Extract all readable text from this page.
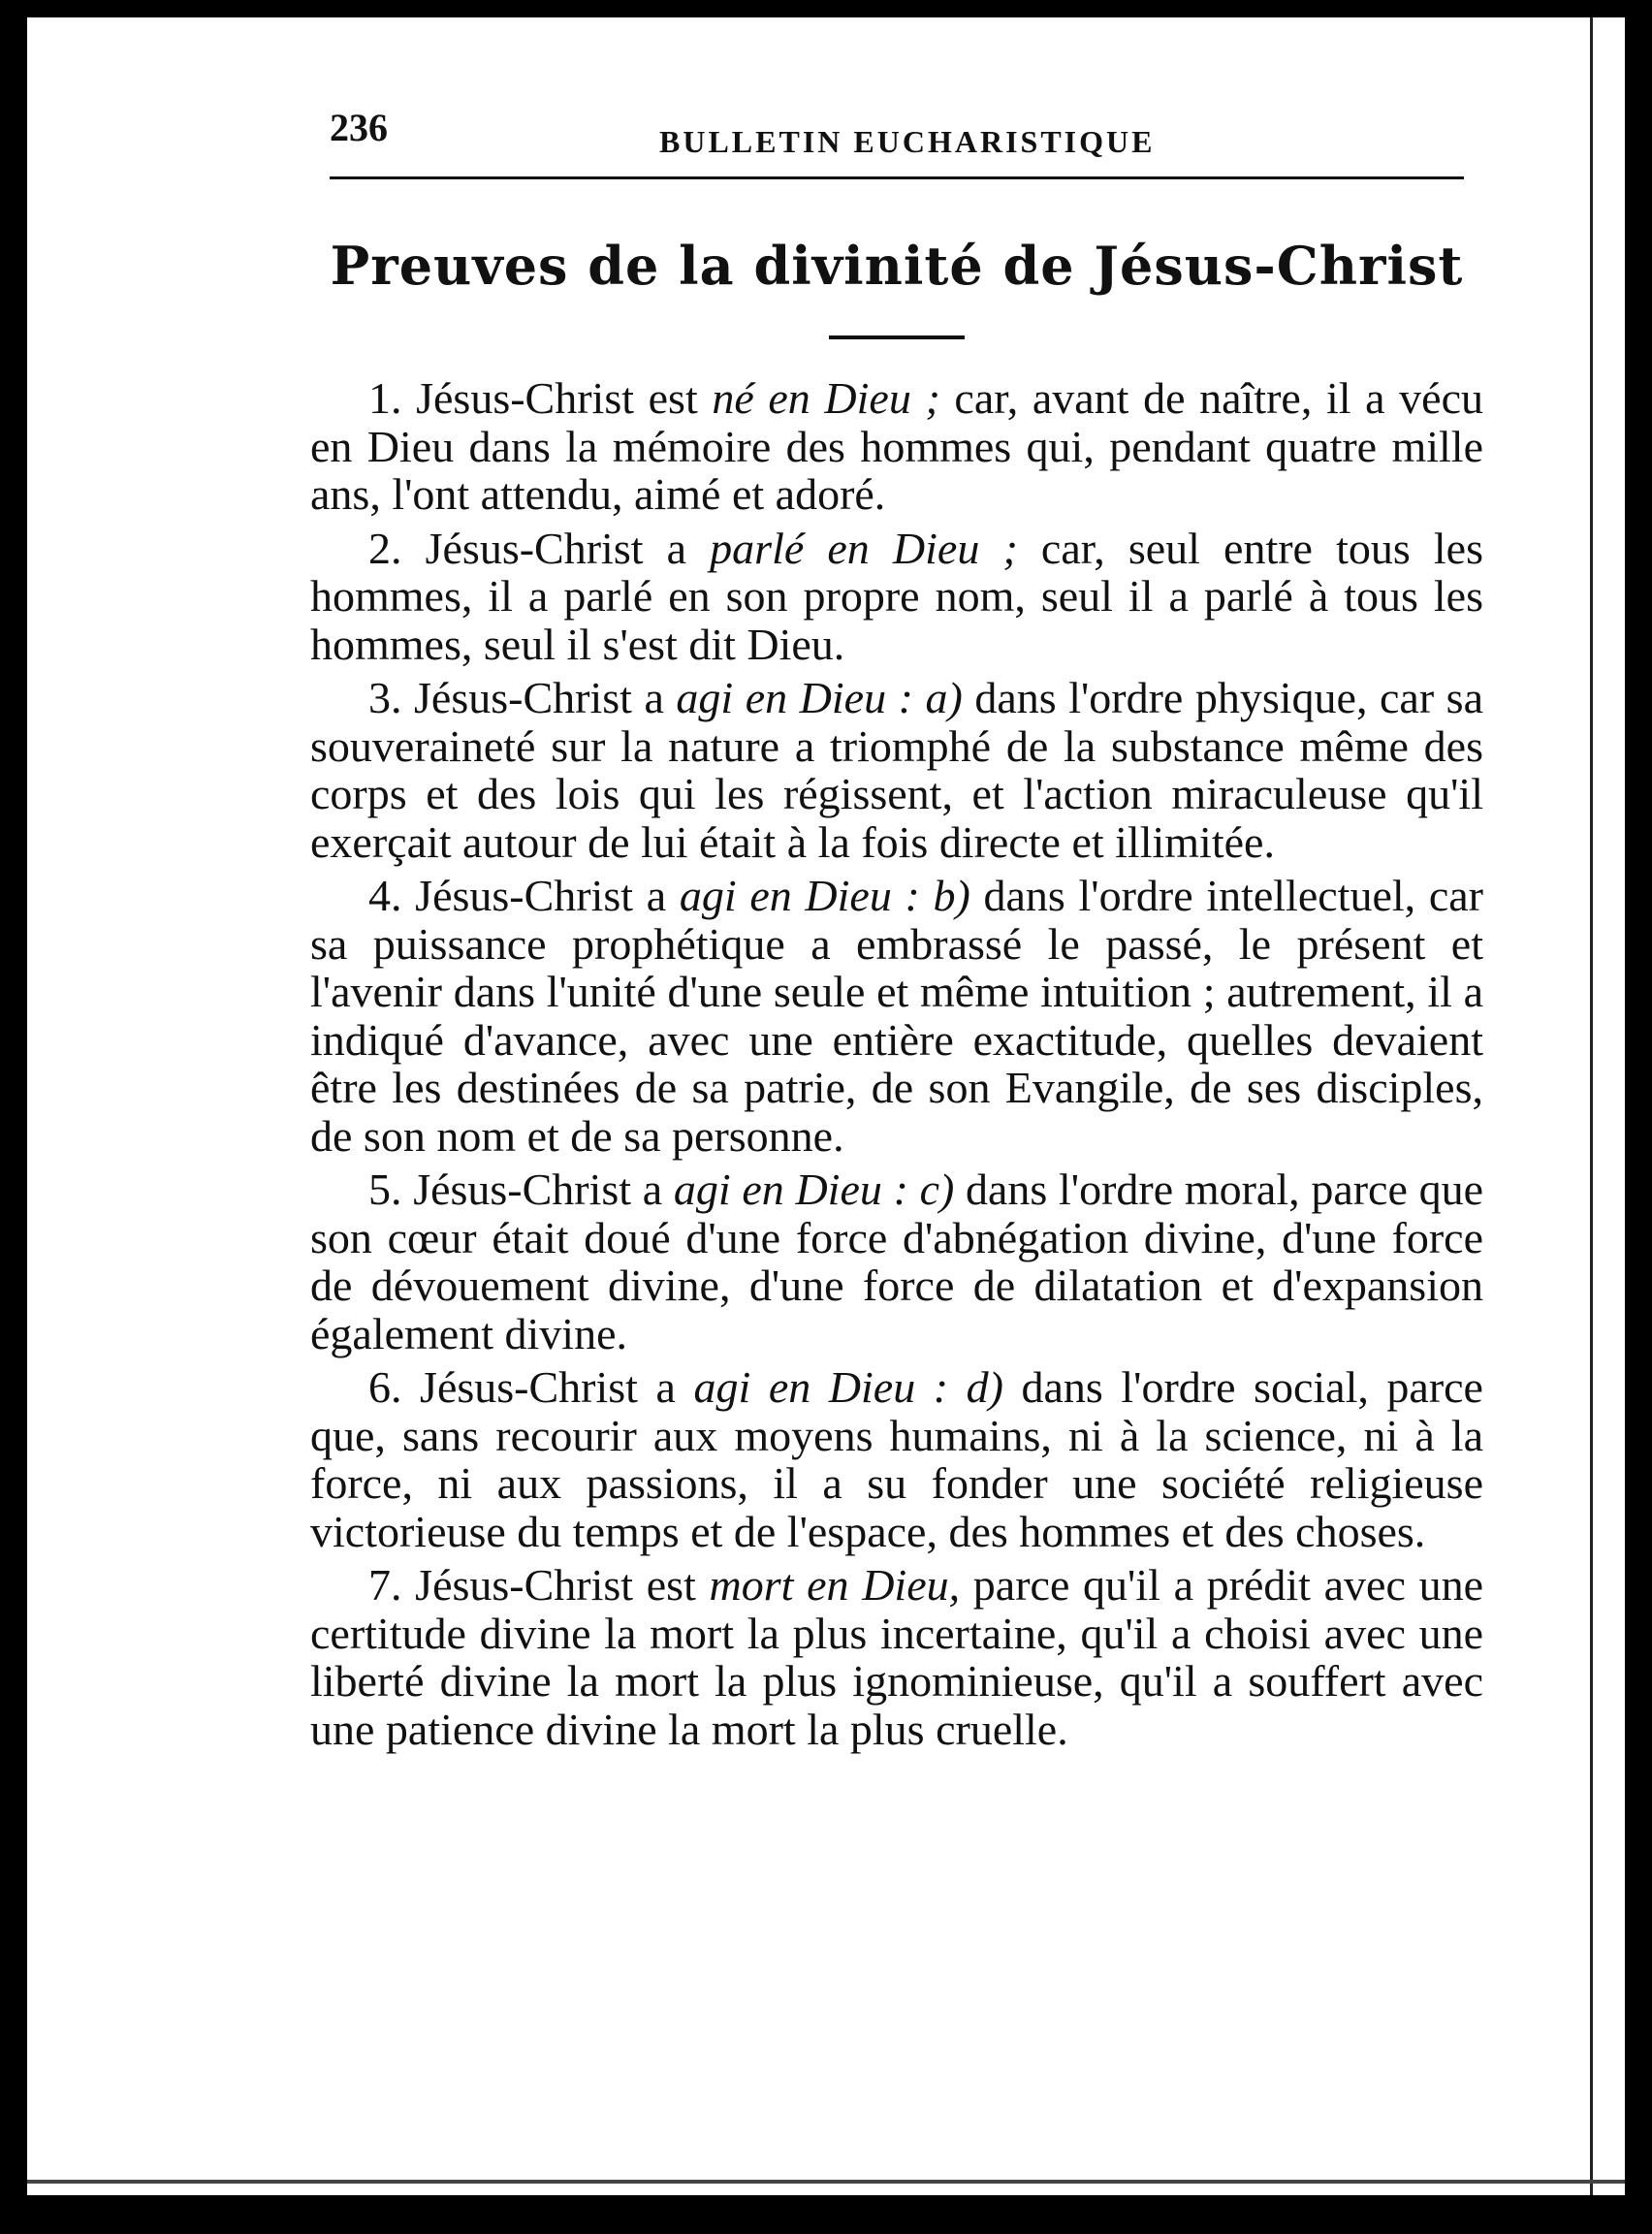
236	BULLETIN EUCHARISTIQUE
Preuves de la divinité de Jésus-Christ

1. Jésus-Christ est né en Dieu ; car, avant de naître, il a vécu en Dieu dans la mémoire des hommes qui, pendant quatre mille ans, l'ont attendu, aimé et adoré.

2. Jésus-Christ a parlé en Dieu ; car, seul entre tous les hommes, il a parlé en son propre nom, seul il a parlé à tous les hommes, seul il s'est dit Dieu.

3. Jésus-Christ a agi en Dieu : a) dans l'ordre physique, car sa souveraineté sur la nature a triomphé de la substance même des corps et des lois qui les régissent, et l'action miraculeuse qu'il exerçait autour de lui était à la fois directe et illimitée.

4. Jésus-Christ a agi en Dieu : b) dans l'ordre intellectuel, car sa puissance prophétique a embrassé le passé, le présent et l'avenir dans l'unité d'une seule et même intuition ; autrement, il a indiqué d'avance, avec une entière exactitude, quelles devaient être les destinées de sa patrie, de son Evangile, de ses disciples, de son nom et de sa personne.

5. Jésus-Christ a agi en Dieu : c) dans l'ordre moral, parce que son cœur était doué d'une force d'abnégation divine, d'une force de dévouement divine, d'une force de dilatation et d'expansion également divine.

6. Jésus-Christ a agi en Dieu : d) dans l'ordre social, parce que, sans recourir aux moyens humains, ni à la science, ni à la force, ni aux passions, il a su fonder une société religieuse victorieuse du temps et de l'espace, des hommes et des choses.

7. Jésus-Christ est mort en Dieu, parce qu'il a prédit avec une certitude divine la mort la plus incertaine, qu'il a choisi avec une liberté divine la mort la plus ignominieuse, qu'il a souffert avec une patience divine la mort la plus cruelle.
